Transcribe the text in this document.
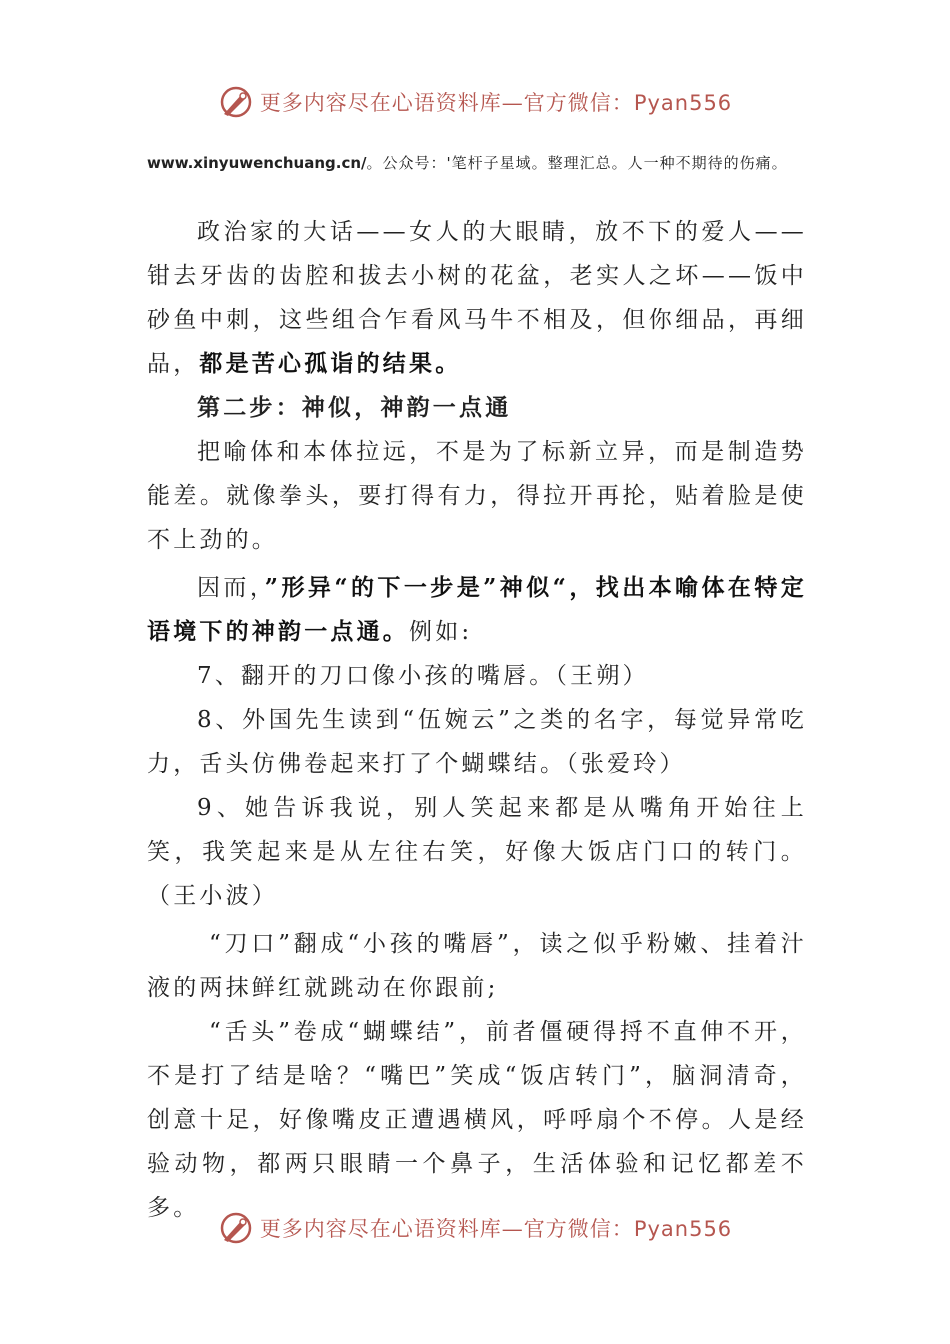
更多内容尽在心语资料库—官方微信：Pyan556
www.xinyuwenchuang.cn/。公众号：'笔杆子星域。整理汇总。人一种不期待的伤痛。

政治家的大话——女人的大眼睛，放不下的爱人——钳去牙齿的齿腔和拔去小树的花盆，老实人之坏——饭中砂鱼中刺，这些组合乍看风马牛不相及，但你细品，再细品，都是苦心孤诣的结果。

第二步：神似，神韵一点通

把喻体和本体拉远，不是为了标新立异，而是制造势能差。就像拳头，要打得有力，得拉开再抡，贴着脸是使不上劲的。

因而，”形异“的下一步是”神似“，找出本喻体在特定语境下的神韵一点通。例如:

7、翻开的刀口像小孩的嘴唇。（王朔）

8、外国先生读到“伍婉云”之类的名字，每觉异常吃力，舌头仿佛卷起来打了个蝴蝶结。（张爱玲）

9、她告诉我说，别人笑起来都是从嘴角开始往上笑，我笑起来是从左往右笑，好像大饭店门口的转门。（王小波）

“刀口”翻成“小孩的嘴唇”，读之似乎粉嫩、挂着汁液的两抹鲜红就跳动在你跟前;

“舌头”卷成“蝴蝶结”，前者僵硬得捋不直伸不开，不是打了结是啥？“嘴巴”笑成“饭店转门”，脑洞清奇，创意十足，好像嘴皮正遭遇横风，呼呼扇个不停。人是经验动物，都两只眼睛一个鼻子，生活体验和记忆都差不多。

更多内容尽在心语资料库—官方微信：Pyan556
